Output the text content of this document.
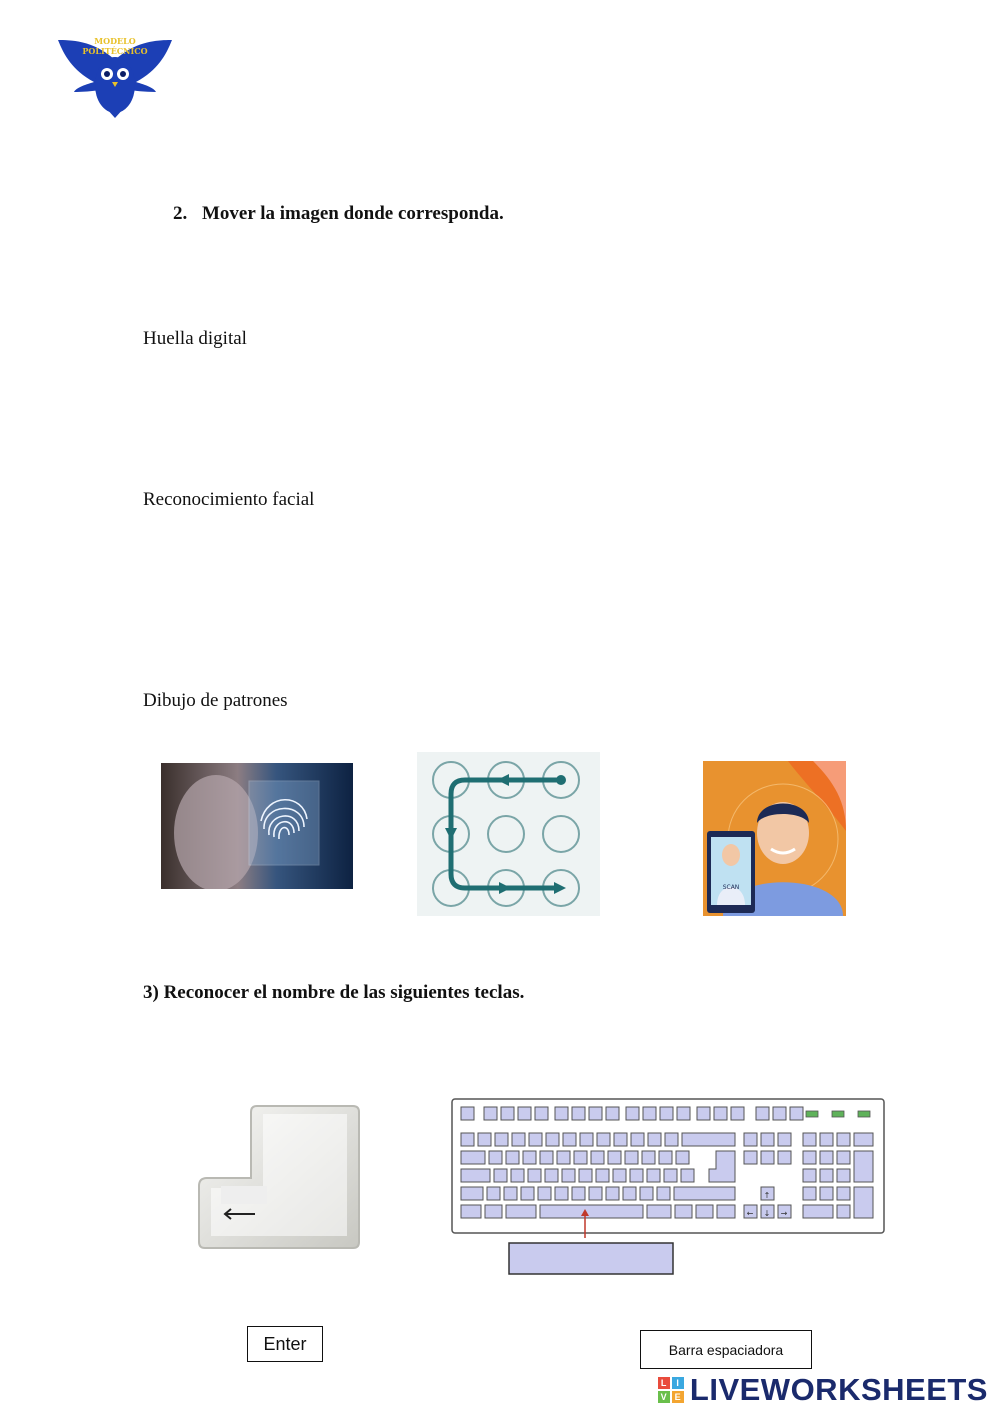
MODELO
POLITÉCNICO
2. Mover la imagen donde corresponda.
Huella digital
Reconocimiento facial
Dibujo de patrones
SCAN
3) Reconocer el nombre de las siguientes teclas.
↑
← ↓ →
Enter	Barra espaciadora
L	I
V E LIVEWORKSHEETS
